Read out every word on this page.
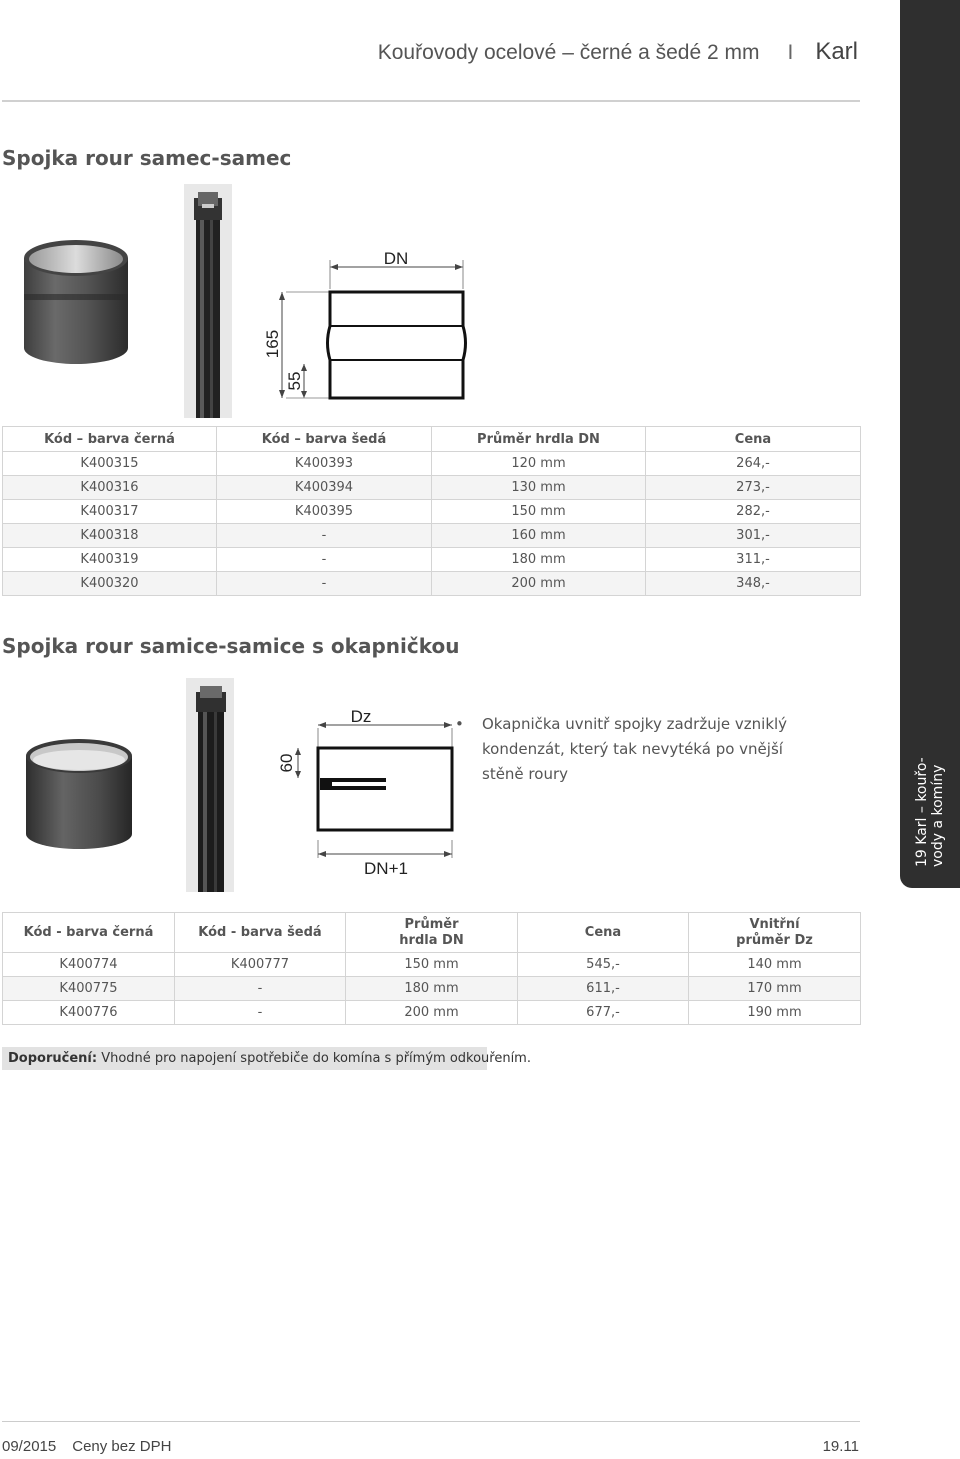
Kouřovody ocelové – černé a šedé 2 mm I Karl
19 Karl – kouřo-vody a komíny
Spojka rour samec-samec
DN
165
55
Kód – barva černá	Kód – barva šedá	Průměr hrdla DN	Cena
K400315	K400393	120 mm	264,-
K400316	K400394	130 mm	273,-
K400317	K400395	150 mm	282,-
K400318	-	160 mm	301,-
K400319	-	180 mm	311,-
K400320	-	200 mm	348,-
Spojka rour samice-samice s okapničkou
Dz
60
DN+1
•	Okapnička uvnitř spojky zadržuje vzniklý kondenzát, který tak nevytéká po vnější stěně roury
Kód - barva černá	Kód - barva šedá	Průměr hrdla DN	Cena	Vnitřní průměr Dz
K400774	K400777	150 mm	545,-	140 mm
K400775	-	180 mm	611,-	170 mm
K400776	-	200 mm	677,-	190 mm
Doporučení: Vhodné pro napojení spotřebiče do komína s přímým odkouřením.
09/2015 Ceny bez DPH	19.11
